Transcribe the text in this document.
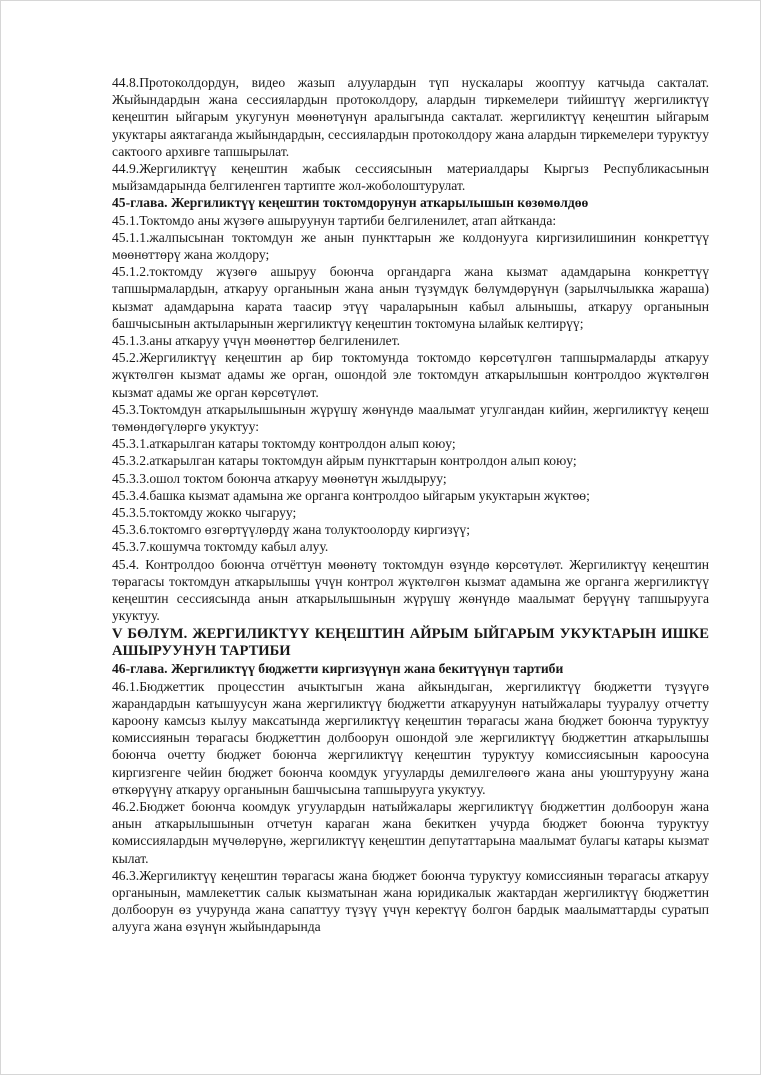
44.8.Протоколдордун, видео жазып алуулардын түп нускалары жооптуу катчыда сакталат. Жыйындардын жана сессиялардын протоколдору, алардын тиркемелери тийиштүү жергиликтүү кеңештин ыйгарым укугунун мөөнөтүнүн аралыгында сакталат. жергиликтүү кеңештин ыйгарым укуктары аяктаганда жыйындардын, сессиялардын протоколдору жана алардын тиркемелери туруктуу сактоого архивге тапшырылат.

44.9.Жергиликтүү кеңештин жабык сессиясынын материалдары Кыргыз Республикасынын мыйзамдарында белгиленген тартипте жол-жоболоштурулат.

45-глава. Жергиликтүү кеңештин токтомдорунун аткарылышын көзөмөлдөө

45.1.Токтомдо аны жүзөгө ашыруунун тартиби белгиленилет, атап айтканда:

45.1.1.жалпысынан токтомдун же анын пункттарын же колдонууга киргизилишинин конкреттүү мөөнөттөрү жана жолдору;

45.1.2.токтомду жүзөгө ашыруу боюнча органдарга жана кызмат адамдарына конкреттүү тапшырмалардын, аткаруу органынын жана анын түзүмдүк бөлүмдөрүнүн (зарылчылыкка жараша) кызмат адамдарына карата таасир этүү чараларынын кабыл алынышы, аткаруу органынын башчысынын актыларынын жергиликтүү кеңештин токтомуна ылайык келтирүү;

45.1.3.аны аткаруу үчүн мөөнөттөр белгиленилет.

45.2.Жергиликтүү кеңештин ар бир токтомунда токтомдо көрсөтүлгөн тапшырмаларды аткаруу жүктөлгөн кызмат адамы же орган, ошондой эле токтомдун аткарылышын контролдоо жүктөлгөн кызмат адамы же орган көрсөтүлөт.

45.3.Токтомдун аткарылышынын жүрүшү жөнүндө маалымат угулгандан кийин, жергиликтүү кеңеш төмөндөгүлөргө укуктуу:

45.3.1.аткарылган катары токтомду контролдон алып коюу;

45.3.2.аткарылган катары токтомдун айрым пункттарын контролдон алып коюу;

45.3.3.ошол токтом боюнча аткаруу мөөнөтүн жылдыруу;

45.3.4.башка кызмат адамына же органга контролдоо ыйгарым укуктарын жүктөө;

45.3.5.токтомду жокко чыгаруу;

45.3.6.токтомго өзгөртүүлөрдү жана толуктоолорду киргизүү;

45.3.7.кошумча токтомду кабыл алуу.

45.4. Контролдоо боюнча отчёттун мөөнөтү токтомдун өзүндө көрсөтүлөт. Жергиликтүү кеңештин төрагасы токтомдун аткарылышы үчүн контрол жүктөлгөн кызмат адамына же органга жергиликтүү кеңештин сессиясында анын аткарылышынын жүрүшү жөнүндө маалымат берүүнү тапшырууга укуктуу.

V БӨЛҮМ. ЖЕРГИЛИКТҮҮ КЕҢЕШТИН АЙРЫМ ЫЙГАРЫМ УКУКТАРЫН ИШКЕ АШЫРУУНУН ТАРТИБИ

46-глава. Жергиликтүү бюджетти киргизүүнүн жана бекитүүнүн тартиби

46.1.Бюджеттик процесстин ачыктыгын жана айкындыган, жергиликтүү бюджетти түзүүгө жарандардын катышуусун жана жергиликтүү бюджетти аткаруунун натыйжалары тууралуу отчетту кароону камсыз кылуу максатында жергиликтүү кеңештин төрагасы жана бюджет боюнча туруктуу комиссиянын төрагасы бюджеттин долбоорун ошондой эле жергиликтүү бюджеттин аткарылышы боюнча очетту бюджет боюнча жергиликтүү кеңештин туруктуу комиссиясынын кароосуна киргизгенге чейин бюджет боюнча коомдук угууларды демилгелөөгө жана аны уюштурууну жана өткөрүүнү аткаруу органынын башчысына тапшырууга укуктуу.

46.2.Бюджет боюнча коомдук угуулардын натыйжалары жергиликтүү бюджеттин долбоорун жана анын аткарылышынын отчетун караган жана бекиткен учурда бюджет боюнча туруктуу комиссиялардын мүчөлөрүнө, жергиликтүү кеңештин депутаттарына маалымат булагы катары кызмат кылат.

46.3.Жергиликтүү кеңештин төрагасы жана бюджет боюнча туруктуу комиссиянын төрагасы аткаруу органынын, мамлекеттик салык кызматынан жана юридикалык жактардан жергиликтүү бюджеттин долбоорун өз учурунда жана сапаттуу түзүү үчүн керектүү болгон бардык маалыматтарды суратып алууга жана өзүнүн жыйындарында
